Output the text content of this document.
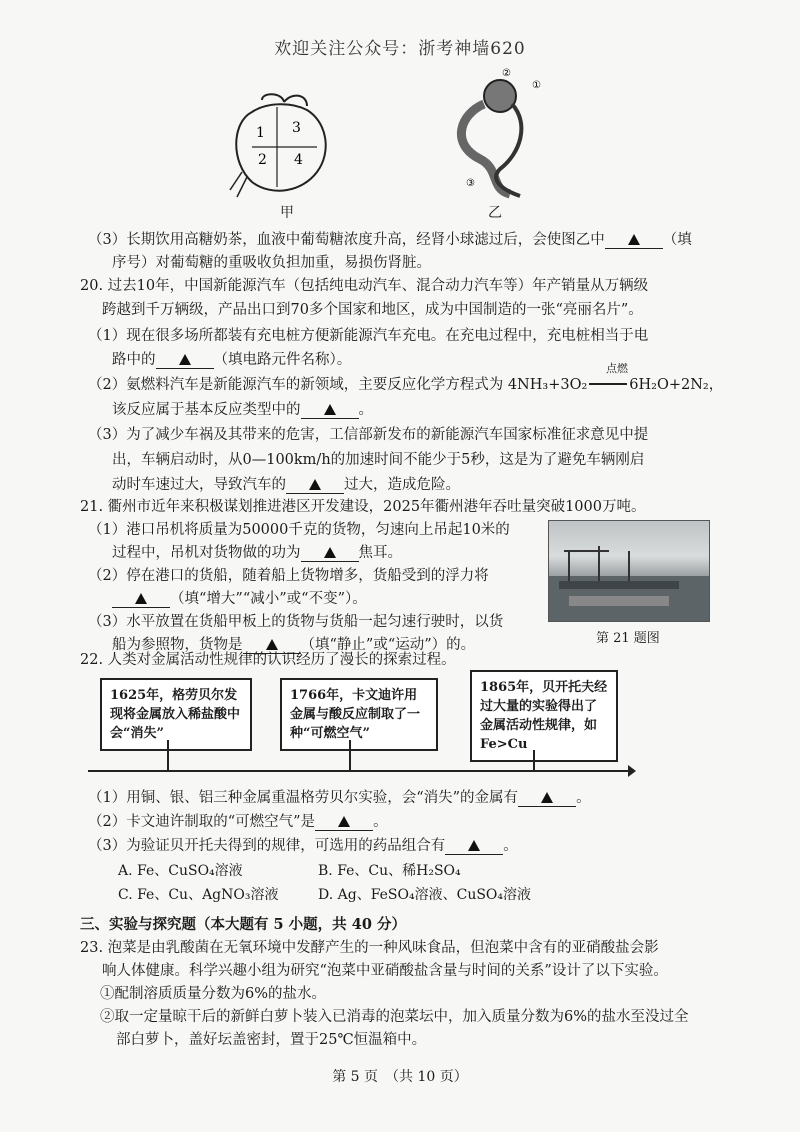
欢迎关注公众号：浙考神墙620
1
2
3
4
甲
②
①
③
乙
（3）长期饮用高糖奶茶，血液中葡萄糖浓度升高，经肾小球滤过后，会使图乙中	（填
序号）对葡萄糖的重吸收负担加重，易损伤肾脏。
20. 过去10年，中国新能源汽车（包括纯电动汽车、混合动力汽车等）年产销量从万辆级
跨越到千万辆级，产品出口到70多个国家和地区，成为中国制造的一张“亮丽名片”。
（1）现在很多场所都装有充电桩方便新能源汽车充电。在充电过程中，充电桩相当于电
路中的	（填电路元件名称）。
点燃
（2）氨燃料汽车是新能源汽车的新领域，主要反应化学方程式为 4NH₃+3O₂	6H₂O+2N₂，
该反应属于基本反应类型中的	。
（3）为了减少车祸及其带来的危害，工信部新发布的新能源汽车国家标准征求意见中提
出，车辆启动时，从0—100km/h的加速时间不能少于5秒，这是为了避免车辆刚启
动时车速过大，导致汽车的	过大，造成危险。
21. 衢州市近年来积极谋划推进港区开发建设，2025年衢州港年吞吐量突破1000万吨。
（1）港口吊机将质量为50000千克的货物，匀速向上吊起10米的
过程中，吊机对货物做的功为	焦耳。
（2）停在港口的货船，随着船上货物增多，货船受到的浮力将
（填“增大”“减小”或“不变”）。
（3）水平放置在货船甲板上的货物与货船一起匀速行驶时，以货
船为参照物，货物是	（填“静止”或“运动”）的。	第 21 题图
22. 人类对金属活动性规律的认识经历了漫长的探索过程。
1625年，格劳贝尔发现将金属放入稀盐酸中会“消失”
1766年，卡文迪许用金属与酸反应制取了一种“可燃空气”
1865年，贝开托夫经过大量的实验得出了金属活动性规律，如Fe>Cu
（1）用铜、银、铝三种金属重温格劳贝尔实验，会“消失”的金属有	。
（2）卡文迪许制取的“可燃空气”是	。
（3）为验证贝开托夫得到的规律，可选用的药品组合有	。
A. Fe、CuSO₄溶液	B. Fe、Cu、稀H₂SO₄
C. Fe、Cu、AgNO₃溶液	D. Ag、FeSO₄溶液、CuSO₄溶液
三、实验与探究题（本大题有 5 小题，共 40 分）
23. 泡菜是由乳酸菌在无氧环境中发酵产生的一种风味食品，但泡菜中含有的亚硝酸盐会影
响人体健康。科学兴趣小组为研究“泡菜中亚硝酸盐含量与时间的关系”设计了以下实验。
①配制溶质质量分数为6%的盐水。
②取一定量晾干后的新鲜白萝卜装入已消毒的泡菜坛中，加入质量分数为6%的盐水至没过全
部白萝卜，盖好坛盖密封，置于25℃恒温箱中。
第 5 页　（共 10 页）
